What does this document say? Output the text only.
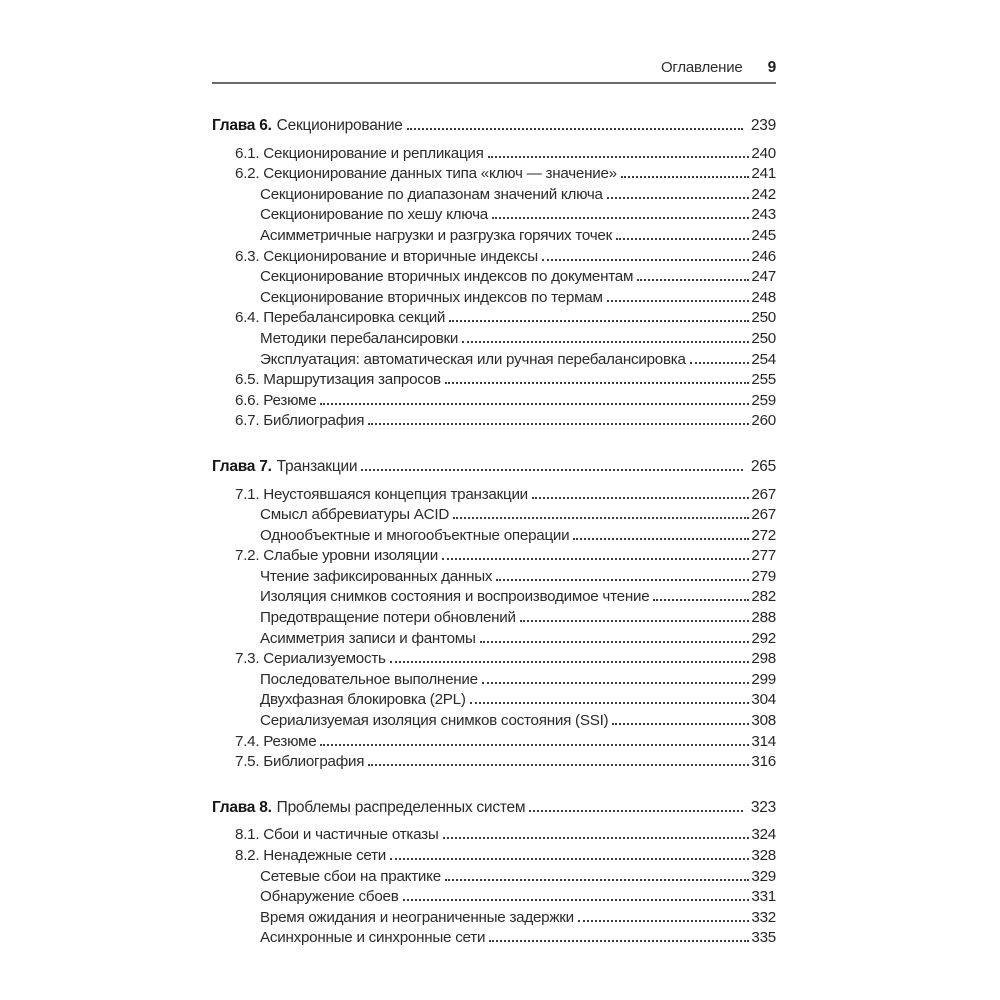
Оглавление 9
Глава 6. Секционирование	239
6.1. Секционирование и репликация	240
6.2. Секционирование данных типа «ключ — значение»	241
Секционирование по диапазонам значений ключа	242
Секционирование по хешу ключа	243
Асимметричные нагрузки и разгрузка горячих точек	245
6.3. Секционирование и вторичные индексы	246
Секционирование вторичных индексов по документам	247
Секционирование вторичных индексов по термам	248
6.4. Перебалансировка секций	250
Методики перебалансировки	250
Эксплуатация: автоматическая или ручная перебалансировка	254
6.5. Маршрутизация запросов	255
6.6. Резюме	259
6.7. Библиография	260
Глава 7. Транзакции	265
7.1. Неустоявшаяся концепция транзакции	267
Смысл аббревиатуры ACID	267
Однообъектные и многообъектные операции	272
7.2. Слабые уровни изоляции	277
Чтение зафиксированных данных	279
Изоляция снимков состояния и воспроизводимое чтение	282
Предотвращение потери обновлений	288
Асимметрия записи и фантомы	292
7.3. Сериализуемость	298
Последовательное выполнение	299
Двухфазная блокировка (2PL)	304
Сериализуемая изоляция снимков состояния (SSI)	308
7.4. Резюме	314
7.5. Библиография	316
Глава 8. Проблемы распределенных систем	323
8.1. Сбои и частичные отказы	324
8.2. Ненадежные сети	328
Сетевые сбои на практике	329
Обнаружение сбоев	331
Время ожидания и неограниченные задержки	332
Асинхронные и синхронные сети	335
